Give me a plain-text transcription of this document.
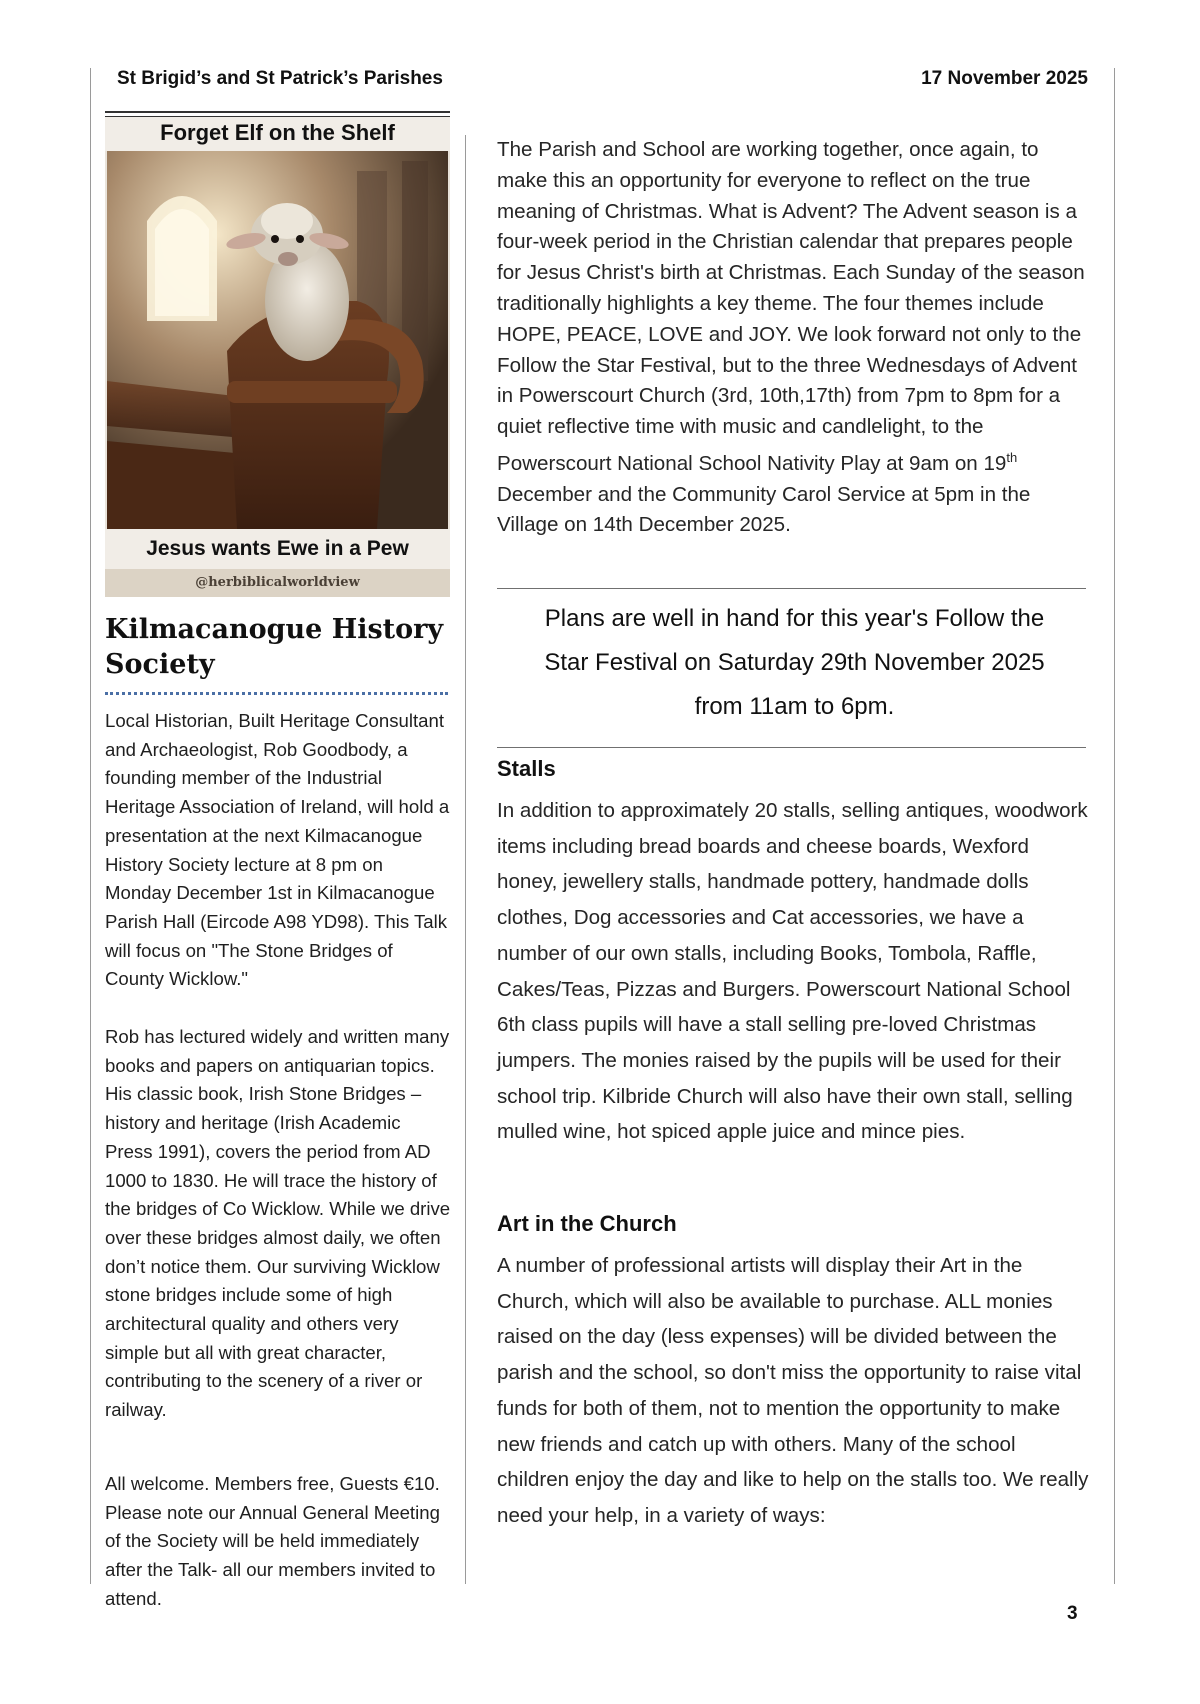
St Brigid’s and St Patrick’s Parishes	17 November 2025
Forget Elf on the Shelf
Jesus wants Ewe in a Pew
@herbiblicalworldview
Kilmacanogue History Society

Local Historian, Built Heritage Consultant and Archaeologist, Rob Goodbody, a founding member of the Industrial Heritage Association of Ireland, will hold a presentation at the next Kilmacanogue History Society lecture at 8 pm on Monday December 1st in Kilmacanogue Parish Hall (Eircode A98 YD98). This Talk will focus on "The Stone Bridges of County Wicklow."

Rob has lectured widely and written many books and papers on antiquarian topics. His classic book, Irish Stone Bridges – history and heritage (Irish Academic Press 1991), covers the period from AD 1000 to 1830. He will trace the history of the bridges of Co Wicklow. While we drive over these bridges almost daily, we often don’t notice them. Our surviving Wicklow stone bridges include some of high architectural quality and others very simple but all with great character, contributing to the scenery of a river or railway.

All welcome. Members free, Guests €10. Please note our Annual General Meeting of the Society will be held immediately after the Talk- all our members invited to attend.

The Parish and School are working together, once again, to make this an opportunity for everyone to reflect on the true meaning of Christmas. What is Advent? The Advent season is a four-week period in the Christian calendar that prepares people for Jesus Christ's birth at Christmas. Each Sunday of the season traditionally highlights a key theme. The four themes include HOPE, PEACE, LOVE and JOY. We look forward not only to the Follow the Star Festival, but to the three Wednesdays of Advent in Powerscourt Church (3rd, 10th,17th) from 7pm to 8pm for a quiet reflective time with music and candlelight, to the Powerscourt National School Nativity Play at 9am on 19th December and the Community Carol Service at 5pm in the Village on 14th December 2025.

Plans are well in hand for this year's Follow the
Star Festival on Saturday 29th November 2025
from 11am to 6pm.
Stalls

In addition to approximately 20 stalls, selling antiques, woodwork items including bread boards and cheese boards, Wexford honey, jewellery stalls, handmade pottery, handmade dolls clothes, Dog accessories and Cat accessories, we have a number of our own stalls, including Books, Tombola, Raffle, Cakes/Teas, Pizzas and Burgers. Powerscourt National School 6th class pupils will have a stall selling pre-loved Christmas jumpers. The monies raised by the pupils will be used for their school trip. Kilbride Church will also have their own stall, selling mulled wine, hot spiced apple juice and mince pies.

Art in the Church

A number of professional artists will display their Art in the Church, which will also be available to purchase. ALL monies raised on the day (less expenses) will be divided between the parish and the school, so don't miss the opportunity to raise vital funds for both of them, not to mention the opportunity to make new friends and catch up with others. Many of the school children enjoy the day and like to help on the stalls too. We really need your help, in a variety of ways:

3
